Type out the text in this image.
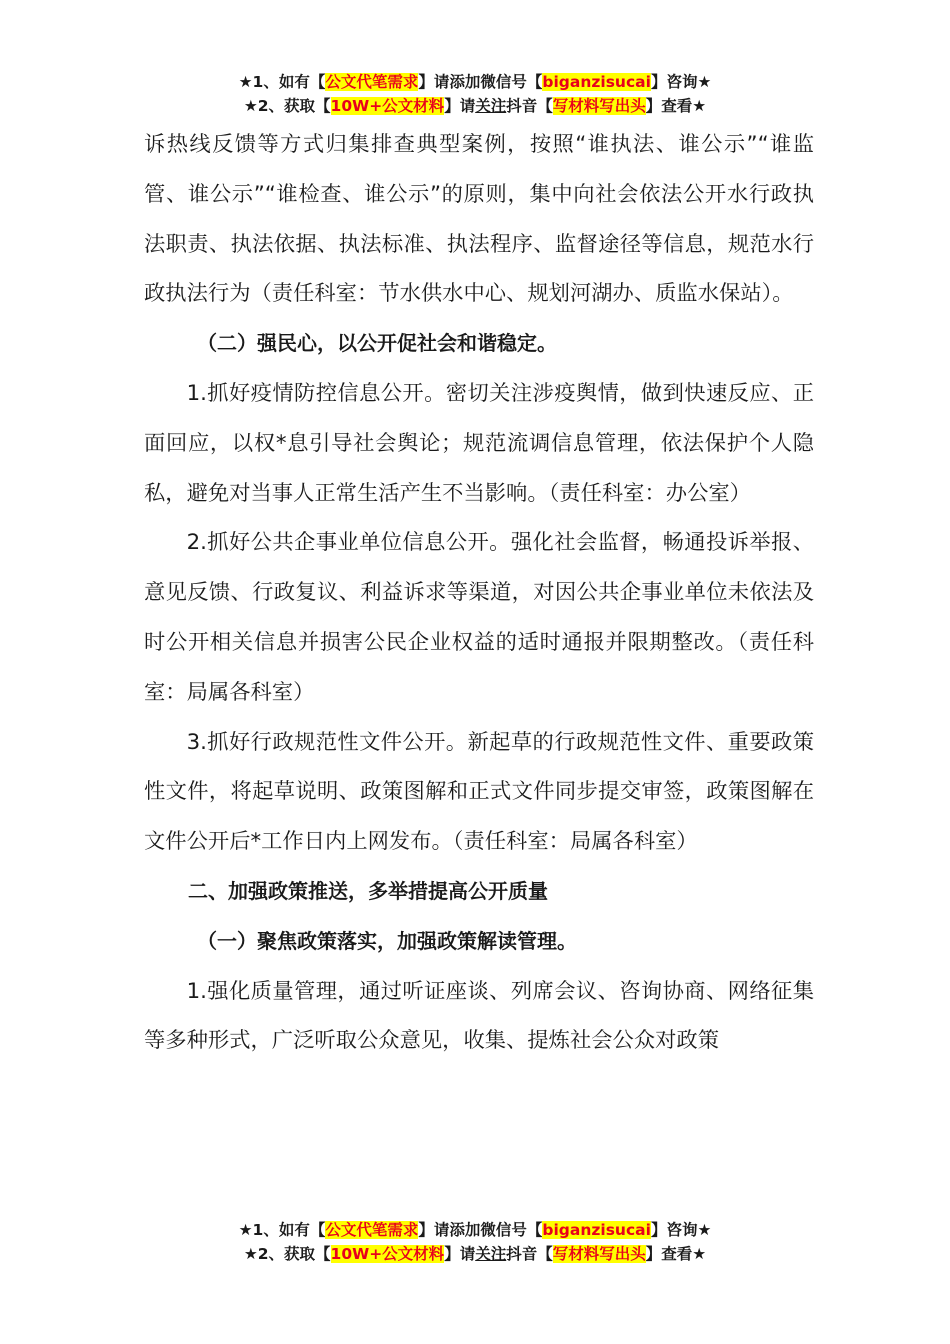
★1、如有【公文代笔需求】请添加微信号【biganzisucai】咨询★
★2、获取【10W+公文材料】请关注抖音【写材料写出头】查看★

诉热线反馈等方式归集排查典型案例，按照“谁执法、谁公示”“谁监管、谁公示”“谁检查、谁公示”的原则，集中向社会依法公开水行政执法职责、执法依据、执法标准、执法程序、监督途径等信息，规范水行政执法行为（责任科室：节水供水中心、规划河湖办、质监水保站）。

（二）强民心，以公开促社会和谐稳定。

1.抓好疫情防控信息公开。密切关注涉疫舆情，做到快速反应、正面回应，以权*息引导社会舆论；规范流调信息管理，依法保护个人隐私，避免对当事人正常生活产生不当影响。（责任科室：办公室）

2.抓好公共企事业单位信息公开。强化社会监督，畅通投诉举报、意见反馈、行政复议、利益诉求等渠道，对因公共企事业单位未依法及时公开相关信息并损害公民企业权益的适时通报并限期整改。（责任科室：局属各科室）

3.抓好行政规范性文件公开。新起草的行政规范性文件、重要政策性文件，将起草说明、政策图解和正式文件同步提交审签，政策图解在文件公开后*工作日内上网发布。（责任科室：局属各科室）

二、加强政策推送，多举措提高公开质量

（一）聚焦政策落实，加强政策解读管理。

1.强化质量管理，通过听证座谈、列席会议、咨询协商、网络征集等多种形式，广泛听取公众意见，收集、提炼社会公众对政策

★1、如有【公文代笔需求】请添加微信号【biganzisucai】咨询★
★2、获取【10W+公文材料】请关注抖音【写材料写出头】查看★
